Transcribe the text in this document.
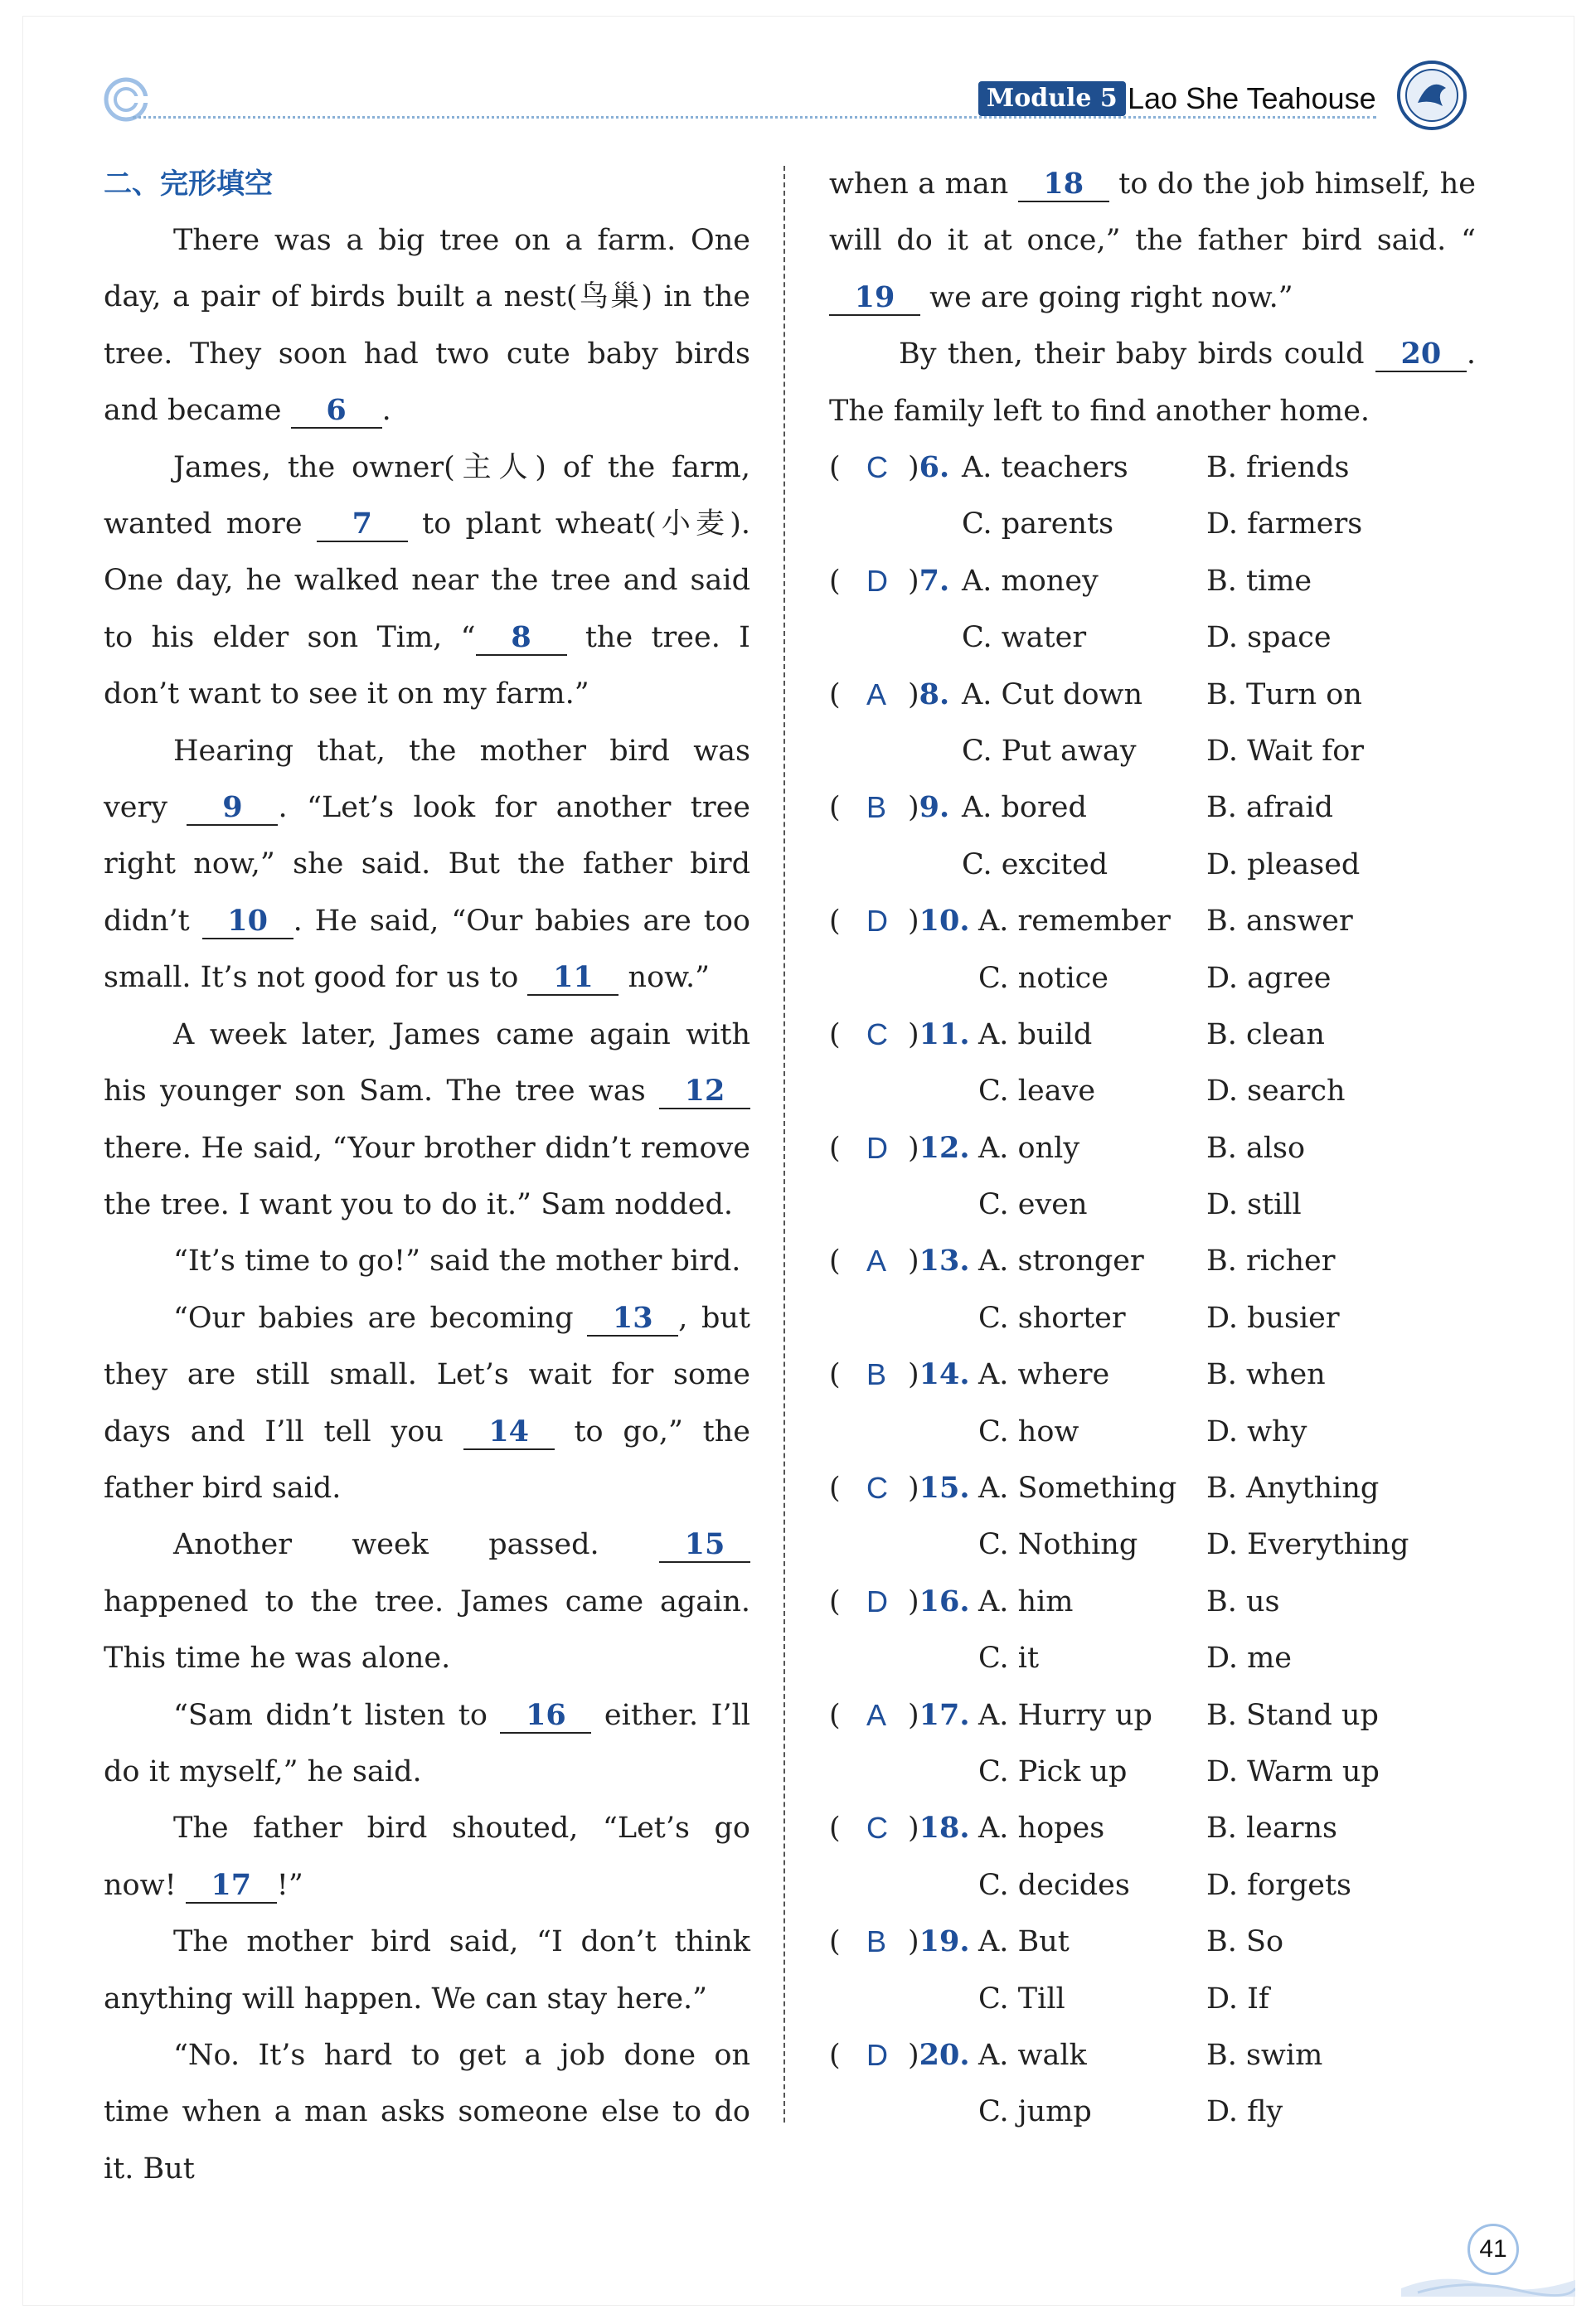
Module 5 Lao She Teahouse
二、完形填空

There was a big tree on a farm. One day, a pair of birds built a nest(鸟巢) in the tree. They soon had two cute baby birds and became 6 .

James, the owner(主人) of the farm, wanted more 7 to plant wheat(小麦). One day, he walked near the tree and said to his elder son Tim, “ 8 the tree. I don’t want to see it on my farm.”

Hearing that, the mother bird was very 9 . “Let’s look for another tree right now,” she said. But the father bird didn’t 10 . He said, “Our babies are too small. It’s not good for us to 11 now.”

A week later, James came again with his younger son Sam. The tree was 12 there. He said, “Your brother didn’t remove the tree. I want you to do it.” Sam nodded.

“It’s time to go!” said the mother bird.

“Our babies are becoming 13 , but they are still small. Let’s wait for some days and I’ll tell you 14 to go,” the father bird said.

Another week passed. 15 happened to the tree. James came again. This time he was alone.

“Sam didn’t listen to 16 either. I’ll do it myself,” he said.

The father bird shouted, “Let’s go now! 17 !”

The mother bird said, “I don’t think anything will happen. We can stay here.”

“No. It’s hard to get a job done on time when a man asks someone else to do it. But

when a man 18 to do the job himself, he will do it at once,” the father bird said. “19 we are going right now.”

By then, their baby birds could 20 . The family left to find another home.

( C ) 6. A. teachers	B. friends
C. parents	D. farmers
( D ) 7. A. money	B. time
C. water	D. space
( A ) 8. A. Cut down B. Turn on
C. Put away D. Wait for
( B ) 9. A. bored	B. afraid
C. excited	D. pleased
( D ) 10. A. remember B. answer
C. notice	D. agree
( C ) 11. A. build	B. clean
C. leave	D. search
( D ) 12. A. only	B. also
C. even	D. still
( A ) 13. A. stronger B. richer
C. shorter	D. busier
( B ) 14. A. where	B. when
C. how	D. why
( C ) 15. A. Something B. Anything
C. Nothing D. Everything
( D ) 16. A. him	B. us
C. it	D. me
( A ) 17. A. Hurry up B. Stand up
C. Pick up	D. Warm up
( C ) 18. A. hopes	B. learns
C. decides	D. forgets
( B ) 19. A. But	B. So
C. Till	D. If
( D ) 20. A. walk	B. swim
C. jump	D. fly
41
